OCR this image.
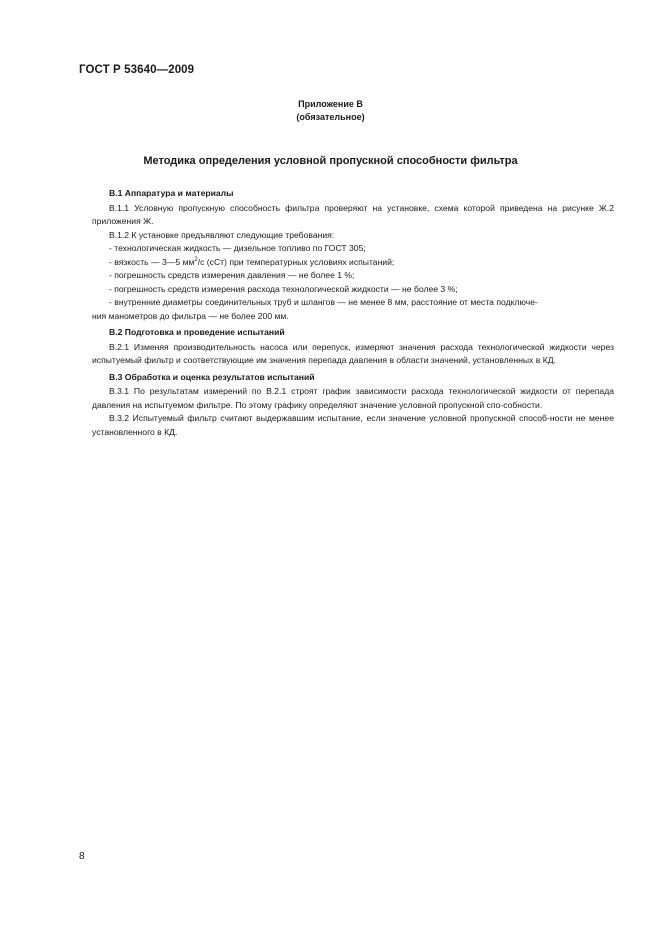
ГОСТ Р 53640—2009
Приложение В
(обязательное)
Методика определения условной пропускной способности фильтра
В.1 Аппаратура и материалы

В.1.1 Условную пропускную способность фильтра проверяют на установке, схема которой приведена на рисунке Ж.2 приложения Ж.

В.1.2 К установке предъявляют следующие требования:

- технологическая жидкость — дизельное топливо по ГОСТ 305;
- вязкость — 3—5 $мм^2/с$ (сСт) при температурных условиях испытаний;
- погрешность средств измерения давления — не более 1 %;
- погрешность средств измерения расхода технологической жидкости — не более 3 %;
- внутренние диаметры соединительных труб и шлангов — не менее 8 мм, расстояние от места подключе-
ния манометров до фильтра — не более 200 мм.
В.2 Подготовка и проведение испытаний

В.2.1 Изменяя производительность насоса или перепуск, измеряют значения расхода технологической жидкости через испытуемый фильтр и соответствующие им значения перепада давления в области значений, установленных в КД.

В.3 Обработка и оценка результатов испытаний

В.3.1 По результатам измерений по В.2.1 строят график зависимости расхода технологической жидкости от перепада давления на испытуемом фильтре. По этому графику определяют значение условной пропускной спо-собности.

В.3.2 Испытуемый фильтр считают выдержавшим испытание, если значение условной пропускной способ-ности не менее установленного в КД.

8
